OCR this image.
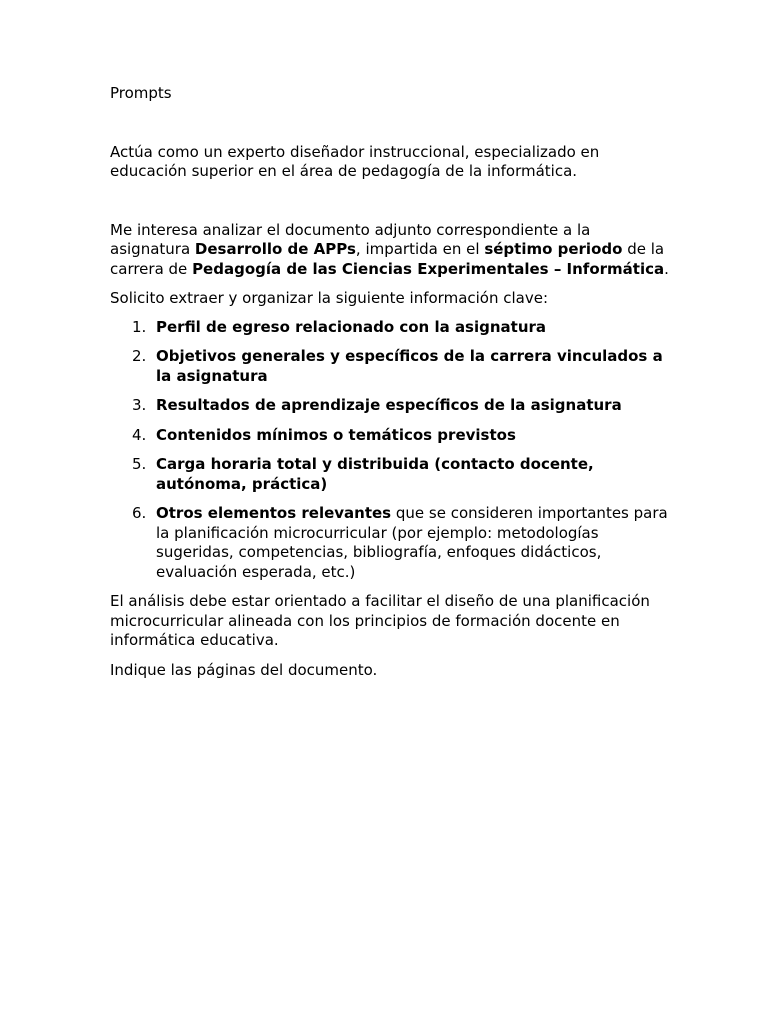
Prompts

Actúa como un experto diseñador instruccional, especializado en educación superior en el área de pedagogía de la informática.

Me interesa analizar el documento adjunto correspondiente a la asignatura Desarrollo de APPs, impartida en el séptimo periodo de la carrera de Pedagogía de las Ciencias Experimentales – Informática.

Solicito extraer y organizar la siguiente información clave:

1. Perfil de egreso relacionado con la asignatura
2. Objetivos generales y específicos de la carrera vinculados a la asignatura
3. Resultados de aprendizaje específicos de la asignatura
4. Contenidos mínimos o temáticos previstos
5. Carga horaria total y distribuida (contacto docente, autónoma, práctica)
6. Otros elementos relevantes que se consideren importantes para la planificación microcurricular (por ejemplo: metodologías sugeridas, competencias, bibliografía, enfoques didácticos, evaluación esperada, etc.)

El análisis debe estar orientado a facilitar el diseño de una planificación microcurricular alineada con los principios de formación docente en informática educativa.

Indique las páginas del documento.
